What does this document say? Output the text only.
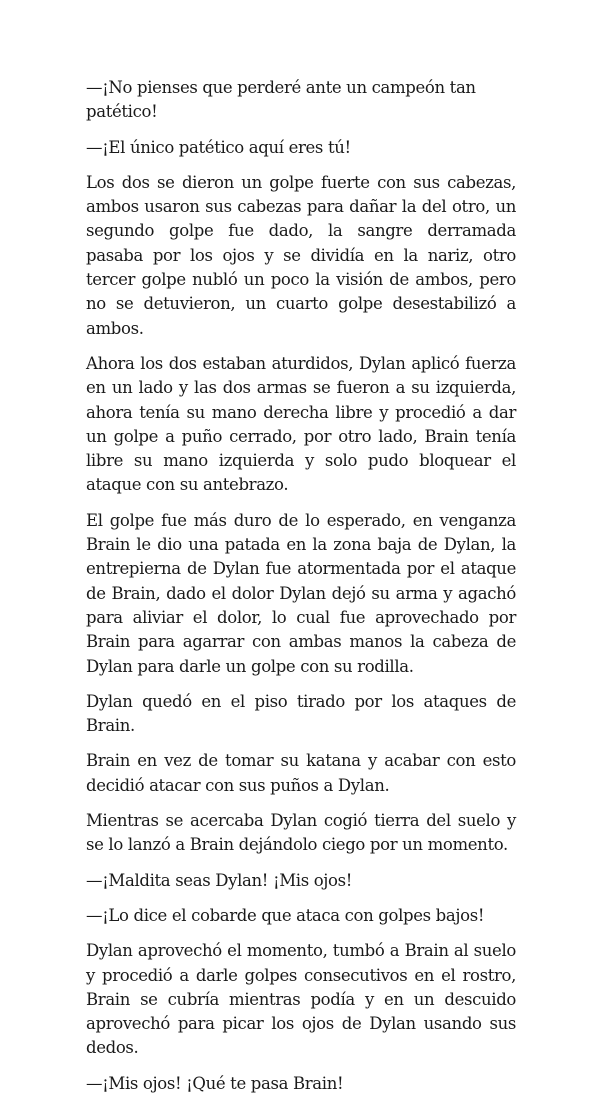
—¡No pienses que perderé ante un campeón tan patético!

—¡El único patético aquí eres tú!

Los dos se dieron un golpe fuerte con sus cabezas, ambos usaron sus cabezas para dañar la del otro, un segundo golpe fue dado, la sangre derramada pasaba por los ojos y se dividía en la nariz, otro tercer golpe nubló un poco la visión de ambos, pero no se detuvieron, un cuarto golpe desestabilizó a ambos.

Ahora los dos estaban aturdidos, Dylan aplicó fuerza en un lado y las dos armas se fueron a su izquierda, ahora tenía su mano derecha libre y procedió a dar un golpe a puño cerrado, por otro lado, Brain tenía libre su mano izquierda y solo pudo bloquear el ataque con su antebrazo.

El golpe fue más duro de lo esperado, en venganza Brain le dio una patada en la zona baja de Dylan, la entrepierna de Dylan fue atormentada por el ataque de Brain, dado el dolor Dylan dejó su arma y agachó para aliviar el dolor, lo cual fue aprovechado por Brain para agarrar con ambas manos la cabeza de Dylan para darle un golpe con su rodilla.

Dylan quedó en el piso tirado por los ataques de Brain.

Brain en vez de tomar su katana y acabar con esto decidió atacar con sus puños a Dylan.

Mientras se acercaba Dylan cogió tierra del suelo y se lo lanzó a Brain dejándolo ciego por un momento.

—¡Maldita seas Dylan! ¡Mis ojos!

—¡Lo dice el cobarde que ataca con golpes bajos!

Dylan aprovechó el momento, tumbó a Brain al suelo y procedió a darle golpes consecutivos en el rostro, Brain se cubría mientras podía y en un descuido aprovechó para picar los ojos de Dylan usando sus dedos.

—¡Mis ojos! ¡Qué te pasa Brain!
